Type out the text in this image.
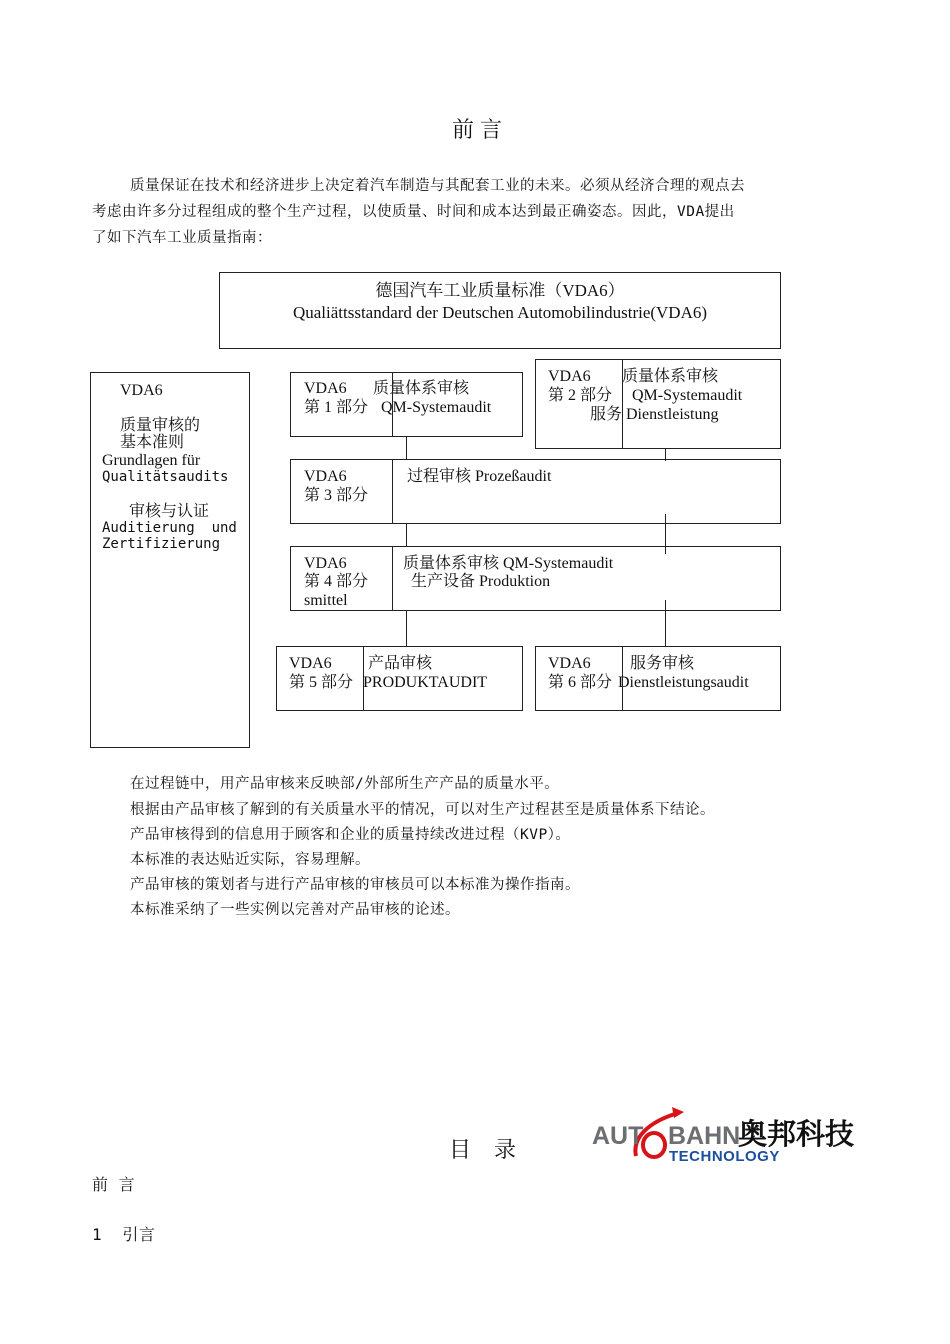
前言
质量保证在技术和经济进步上决定着汽车制造与其配套工业的未来。必须从经济合理的观点去
考虑由许多分过程组成的整个生产过程，以使质量、时间和成本达到最正确姿态。因此，VDA提出
了如下汽车工业质量指南：
德国汽车工业质量标准（VDA6）
Qualiättsstandard der Deutschen Automobilindustrie(VDA6)
VDA6
质量审核的
基本准则
Grundlagen für
Qualitätsaudits
审核与认证
Auditierung  und
Zertifizierung
VDA6
第 1 部分
质量体系审核
QM-Systemaudit
VDA6
第 2 部分
质量体系审核
QM-Systemaudit
服务 Dienstleistung
VDA6
第 3 部分
过程审核 Prozeßaudit
VDA6
第 4 部分
smittel
质量体系审核 QM-Systemaudit
生产设备 Produktion
VDA6
第 5 部分
产品审核
PRODUKTAUDIT
VDA6
第 6 部分
服务审核
Dienstleistungsaudit
在过程链中，用产品审核来反映部/外部所生产产品的质量水平。
根据由产品审核了解到的有关质量水平的情况，可以对生产过程甚至是质量体系下结论。
产品审核得到的信息用于顾客和企业的质量持续改进过程（KVP）。
本标准的表达贴近实际，容易理解。
产品审核的策划者与进行产品审核的审核员可以本标准为操作指南。
本标准采纳了一些实例以完善对产品审核的论述。
目 录
AUT BAHN
TECHNOLOGY
奥邦科技
前 言
1  引言
